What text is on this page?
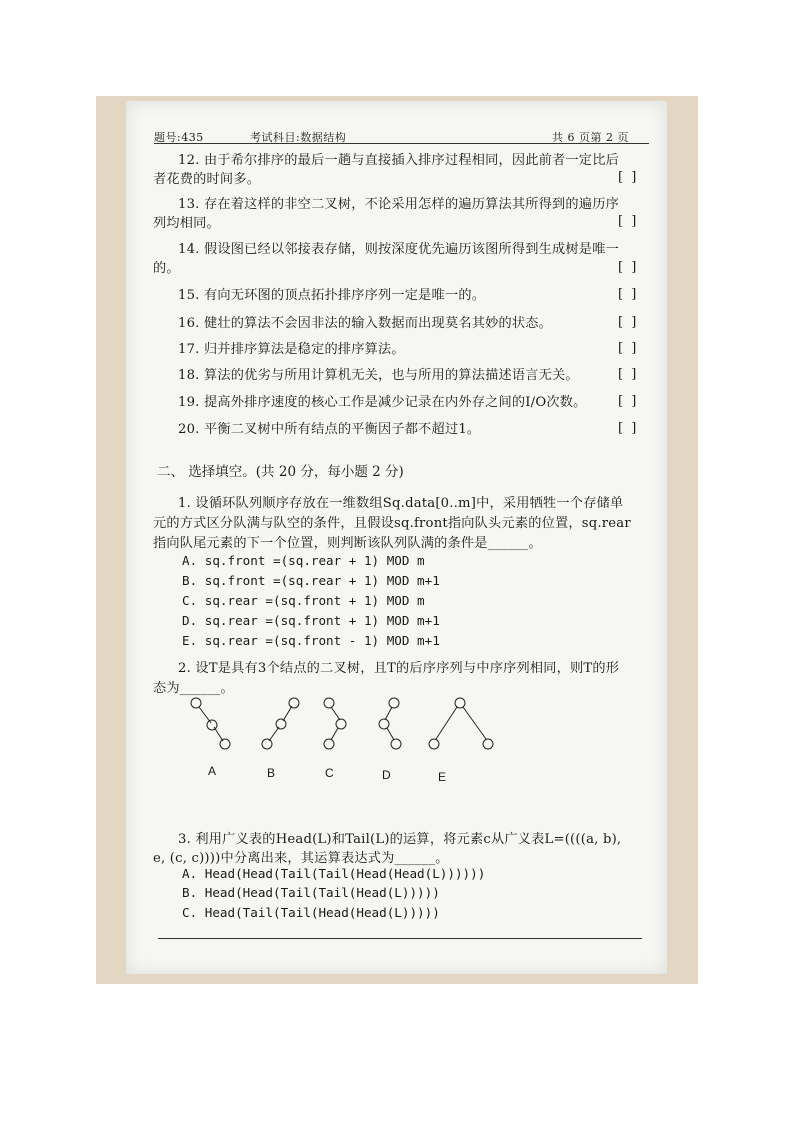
题号:435	考试科目:数据结构	共 6 页第 2 页
12. 由于希尔排序的最后一趟与直接插入排序过程相同，因此前者一定比后
者花费的时间多。	[ ]
13. 存在着这样的非空二叉树，不论采用怎样的遍历算法其所得到的遍历序
列均相同。	[ ]
14. 假设图已经以邻接表存储，则按深度优先遍历该图所得到生成树是唯一
的。	[ ]
15. 有向无环图的顶点拓扑排序序列一定是唯一的。	[ ]
16. 健壮的算法不会因非法的输入数据而出现莫名其妙的状态。	[ ]
17. 归并排序算法是稳定的排序算法。	[ ]
18. 算法的优劣与所用计算机无关，也与所用的算法描述语言无关。	[ ]
19. 提高外排序速度的核心工作是减少记录在内外存之间的I/O次数。 [ ]
20. 平衡二叉树中所有结点的平衡因子都不超过1。	[ ]
二、 选择填空。(共 20 分，每小题 2 分)
1. 设循环队列顺序存放在一维数组Sq.data[0..m]中，采用牺牲一个存储单
元的方式区分队满与队空的条件，且假设sq.front指向队头元素的位置，sq.rear
指向队尾元素的下一个位置，则判断该队列队满的条件是______。
A. sq.front =(sq.rear + 1) MOD m
B. sq.front =(sq.rear + 1) MOD m+1
C. sq.rear =(sq.front + 1) MOD m
D. sq.rear =(sq.front + 1) MOD m+1
E. sq.rear =(sq.front - 1) MOD m+1
2. 设T是具有3个结点的二叉树，且T的后序序列与中序序列相同，则T的形
态为______。
A	B	C	D	E
3. 利用广义表的Head(L)和Tail(L)的运算，将元素c从广义表L=((((a, b),
e, (c, c))))中分离出来，其运算表达式为______。
A. Head(Head(Tail(Tail(Head(Head(L))))))
B. Head(Head(Tail(Tail(Head(L)))))
C. Head(Tail(Tail(Head(Head(L)))))
